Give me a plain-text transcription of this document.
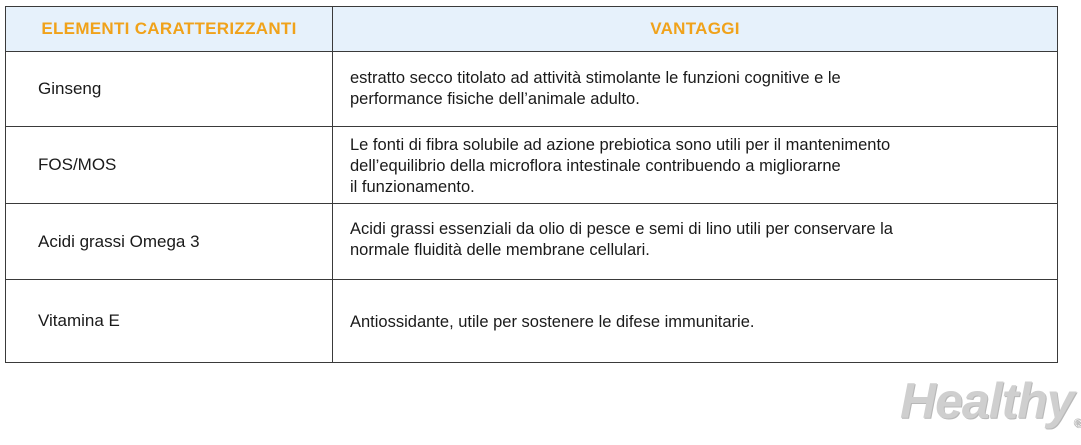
ELEMENTI CARATTERIZZANTI	VANTAGGI
Ginseng	estratto secco titolato ad attività stimolante le funzioni cognitive e le
performance fisiche dell’animale adulto.

FOS/MOS	Le fonti di fibra solubile ad azione prebiotica sono utili per il mantenimento
dell’equilibrio della microflora intestinale contribuendo a migliorarne
il funzionamento.

Acidi grassi Omega 3	Acidi grassi essenziali da olio di pesce e semi di lino utili per conservare la
normale fluidità delle membrane cellulari.

Vitamina E	Antiossidante, utile per sostenere le difese immunitarie.
Healthy®
